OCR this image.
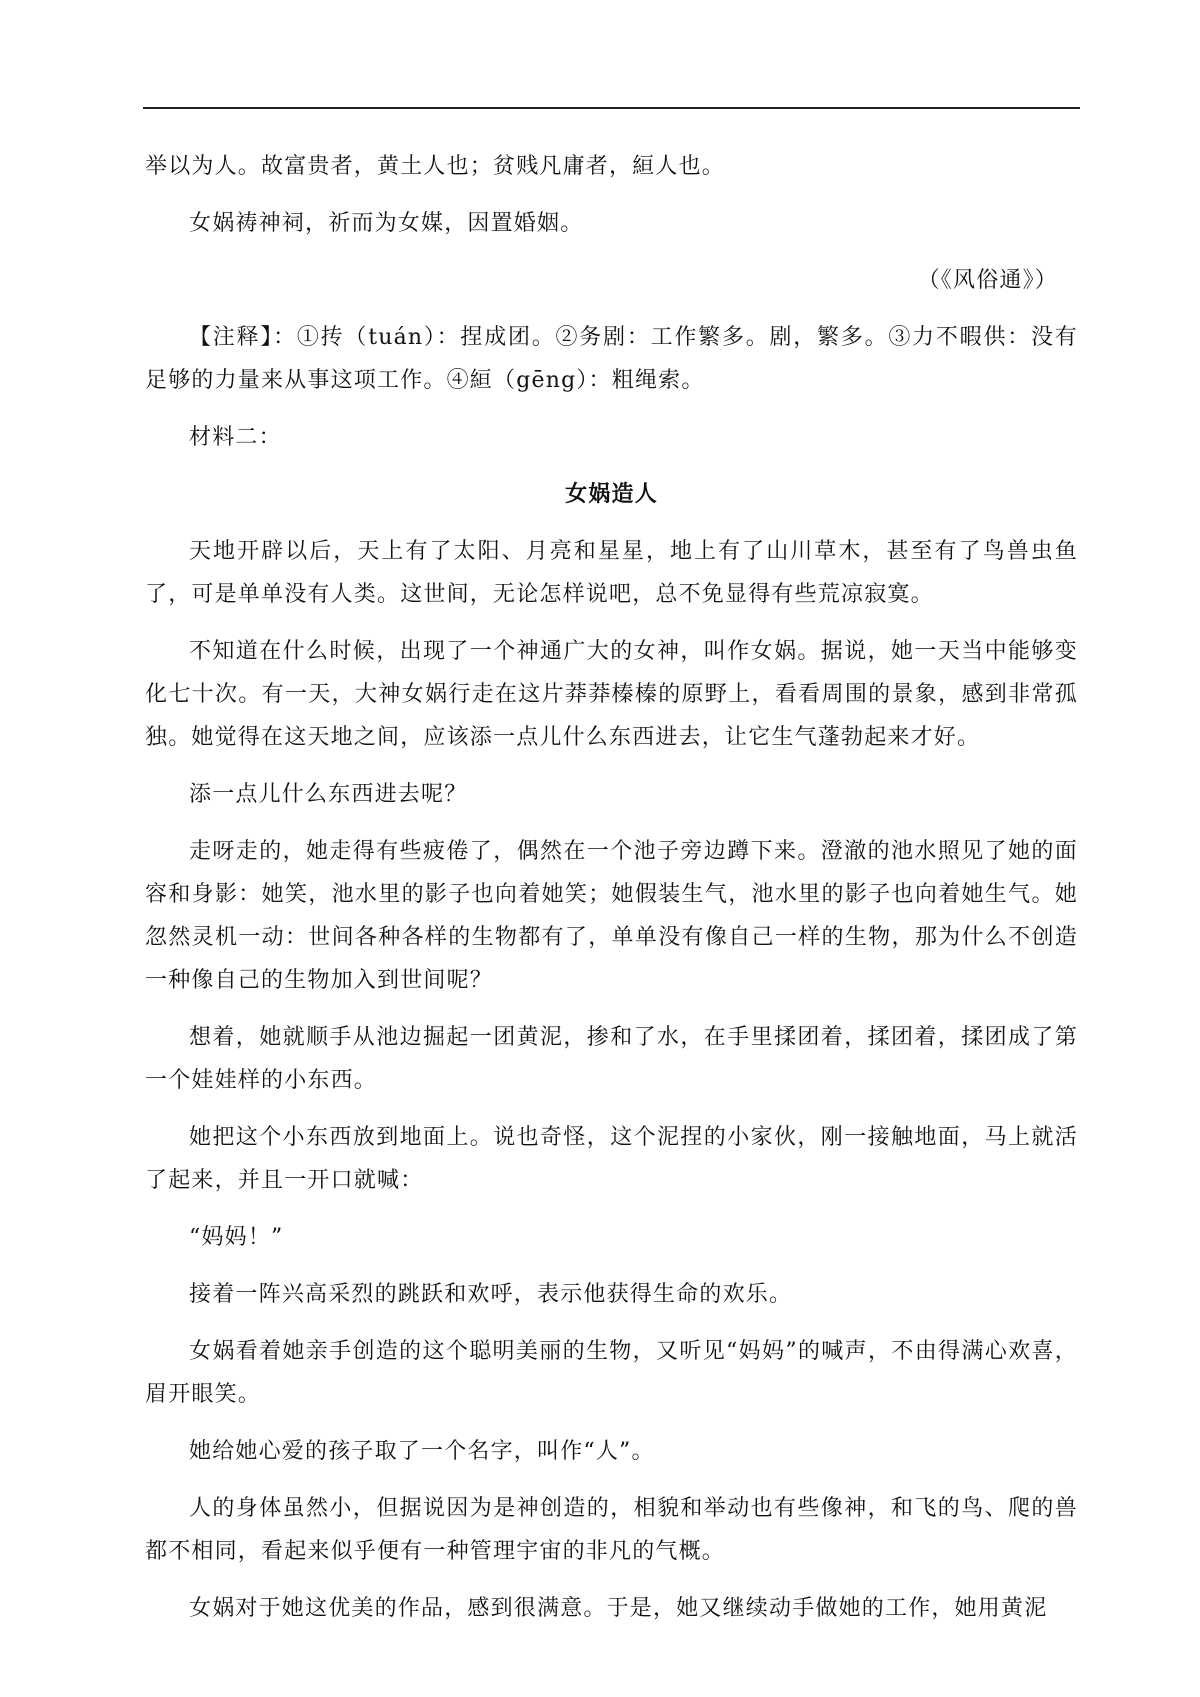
举以为人。故富贵者，黄土人也；贫贱凡庸者，絙人也。

女娲祷神祠，祈而为女媒，因置婚姻。

（《风俗通》）

【注释】：①抟（tuán）：捏成团。②务剧：工作繁多。剧，繁多。③力不暇供：没有足够的力量来从事这项工作。④絙（gēng）：粗绳索。

材料二：

女娲造人

天地开辟以后，天上有了太阳、月亮和星星，地上有了山川草木，甚至有了鸟兽虫鱼了，可是单单没有人类。这世间，无论怎样说吧，总不免显得有些荒凉寂寞。

不知道在什么时候，出现了一个神通广大的女神，叫作女娲。据说，她一天当中能够变化七十次。有一天，大神女娲行走在这片莽莽榛榛的原野上，看看周围的景象，感到非常孤独。她觉得在这天地之间，应该添一点儿什么东西进去，让它生气蓬勃起来才好。

添一点儿什么东西进去呢？

走呀走的，她走得有些疲倦了，偶然在一个池子旁边蹲下来。澄澈的池水照见了她的面容和身影：她笑，池水里的影子也向着她笑；她假装生气，池水里的影子也向着她生气。她忽然灵机一动：世间各种各样的生物都有了，单单没有像自己一样的生物，那为什么不创造一种像自己的生物加入到世间呢？

想着，她就顺手从池边掘起一团黄泥，掺和了水，在手里揉团着，揉团着，揉团成了第一个娃娃样的小东西。

她把这个小东西放到地面上。说也奇怪，这个泥捏的小家伙，刚一接触地面，马上就活了起来，并且一开口就喊：

“妈妈！”

接着一阵兴高采烈的跳跃和欢呼，表示他获得生命的欢乐。

女娲看着她亲手创造的这个聪明美丽的生物，又听见“妈妈”的喊声，不由得满心欢喜，眉开眼笑。

她给她心爱的孩子取了一个名字，叫作“人”。

人的身体虽然小，但据说因为是神创造的，相貌和举动也有些像神，和飞的鸟、爬的兽都不相同，看起来似乎便有一种管理宇宙的非凡的气概。

女娲对于她这优美的作品，感到很满意。于是，她又继续动手做她的工作，她用黄泥
